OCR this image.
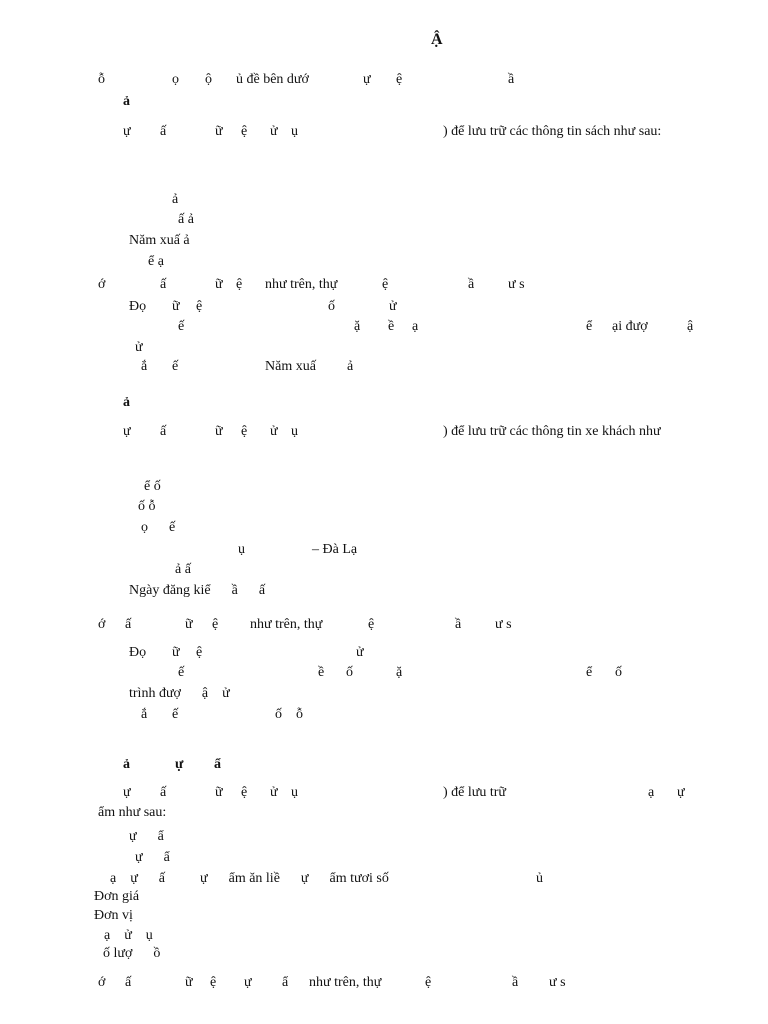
Ậ
ỗ	ọ ộ ủ đề bên dướ	ự ệ	ầ
ả
ự ấ	ữ ệ ử ụ	) để lưu trữ các thông tin sách như sau:
ả
ấ ả
Năm xuấ ả
ể ạ
ớ	ấ	ữ ệ như trên, thự	ệ	ầ ư s
Đọ ữ ệ	ố	ử
ế	ặ ề ạ	ể ại đượ	ậ
ử
ắ ế	Năm xuấ ả
ả
ự ấ	ữ ệ ử ụ	) để lưu trữ các thông tin xe khách như
ể ố
ố ỗ
ọ      ế
ụ	– Đà Lạ
ả ấ
Ngày đăng kiể      ầ      ấ
ớ ấ	ữ ệ như trên, thự	ệ	ầ ư s
Đọ ữ ệ	ử
ế	ề ố	ặ	ể ố
trình đượ      ậ    ử
ắ ế	ố ỗ
ả	ự ẩ
ự ấ	ữ ệ ử ụ	) để lưu trữ	ạ ự
ẩm như sau:
ự      ẩ
ự      ẩ
ạ    ự      ấ          ự      ẩm ăn liề      ự      ẩm tươi số	ủ
Đơn giá
Đơn vị
ạ    ử    ụ
ố lượ      ồ
ớ ấ	ữ ệ ự ẩ như trên, thự	ệ	ầ ư s
